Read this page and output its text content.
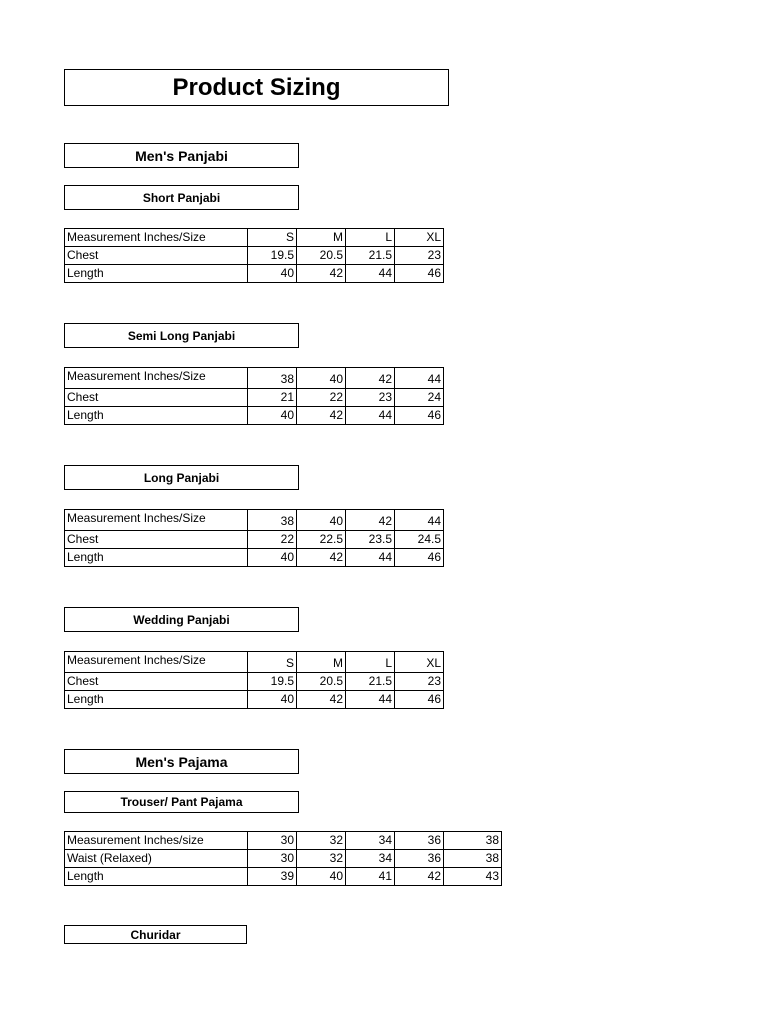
Product Sizing
Men's Panjabi
Short Panjabi
Measurement Inches/Size	S	M	L	XL
Chest	19.5	20.5	21.5	23
Length	40	42	44	46
Semi Long Panjabi
Measurement Inches/Size	38	40	42	44
Chest	21	22	23	24
Length	40	42	44	46
Long Panjabi
Measurement Inches/Size	38	40	42	44
Chest	22	22.5	23.5	24.5
Length	40	42	44	46
Wedding Panjabi
Measurement Inches/Size	S	M	L	XL
Chest	19.5	20.5	21.5	23
Length	40	42	44	46
Men's Pajama
Trouser/ Pant Pajama
Measurement Inches/size	30	32	34	36	38
Waist (Relaxed)	30	32	34	36	38
Length	39	40	41	42	43
Churidar
